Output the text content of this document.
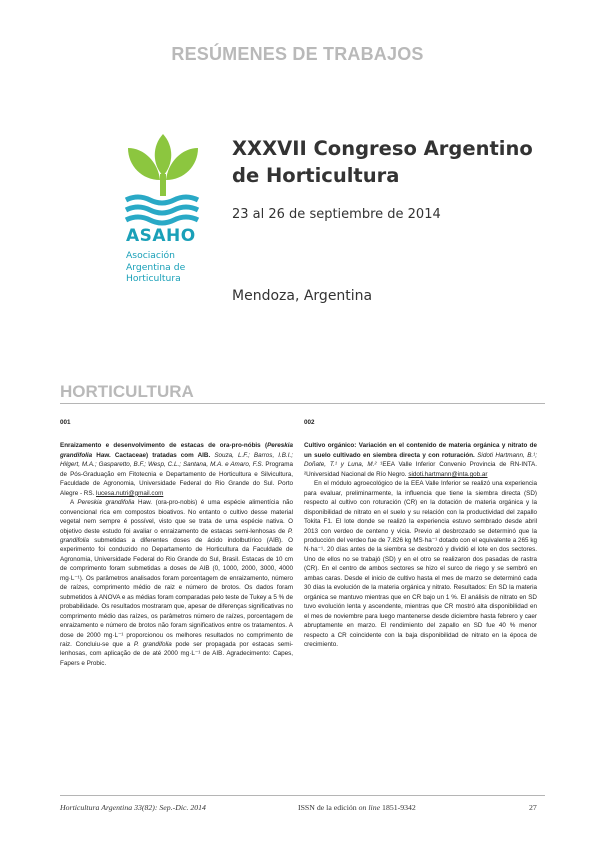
RESÚMENES DE TRABAJOS
ASAHO
Asociación
Argentina de
Horticultura
XXXVII Congreso Argentino
de Horticultura
23 al 26 de septiembre de 2014
Mendoza, Argentina
HORTICULTURA
001
Enraizamento e desenvolvimento de estacas de ora-pro-nóbis (Pereskia grandifolia Haw. Cactaceae) tratadas com AIB. Souza, L.F.; Barros, I.B.I.; Hilgert, M.A.; Gasparetto, B.F.; Wesp, C.L.; Santana, M.A. e Amaro, F.S. Programa de Pós-Graduação em Fitotecnia e Departamento de Horticultura e Silvicultura, Faculdade de Agronomia, Universidade Federal do Rio Grande do Sul. Porto Alegre - RS. lucesa.nutri@gmail.com

A Pereskia grandifolia Haw. (ora-pro-nobis) é uma espécie alimentícia não convencional rica em compostos bioativos. No entanto o cultivo desse material vegetal nem sempre é possível, visto que se trata de uma espécie nativa. O objetivo deste estudo foi avaliar o enraizamento de estacas semi-lenhosas de P. grandifolia submetidas a diferentes doses de ácido indolbutírico (AIB). O experimento foi conduzido no Departamento de Horticultura da Faculdade de Agronomia, Universidade Federal do Rio Grande do Sul, Brasil. Estacas de 10 cm de comprimento foram submetidas a doses de AIB (0, 1000, 2000, 3000, 4000 mg·L⁻¹). Os parâmetros analisados foram porcentagem de enraizamento, número de raízes, comprimento médio de raiz e número de brotos. Os dados foram submetidos à ANOVA e as médias foram comparadas pelo teste de Tukey a 5 % de probabilidade. Os resultados mostraram que, apesar de diferenças significativas no comprimento médio das raízes, os parâmetros número de raízes, porcentagem de enraizamento e número de brotos não foram significativos entre os tratamentos. A dose de 2000 mg·L⁻¹ proporcionou os melhores resultados no comprimento de raiz. Concluiu-se que a P. grandifolia pode ser propagada por estacas semi-lenhosas, com aplicação de de até 2000 mg·L⁻¹ de AIB. Agradecimento: Capes, Fapers e Probic.

002
Cultivo orgánico: Variación en el contenido de materia orgánica y nitrato de un suelo cultivado en siembra directa y con roturación. Sidoti Hartmann, B.¹; Doñate, T.¹ y Luna, M.² ¹EEA Valle Inferior Convenio Provincia de RN-INTA. ²Universidad Nacional de Río Negro. sidoti.hartmann@inta.gob.ar

En el módulo agroecológico de la EEA Valle Inferior se realizó una experiencia para evaluar, preliminarmente, la influencia que tiene la siembra directa (SD) respecto al cultivo con roturación (CR) en la dotación de materia orgánica y la disponibilidad de nitrato en el suelo y su relación con la productividad del zapallo Tokita F1. El lote donde se realizó la experiencia estuvo sembrado desde abril 2013 con verdeo de centeno y vicia. Previo al desbrozado se determinó que la producción del verdeo fue de 7.826 kg MS·ha⁻¹ dotado con el equivalente a 265 kg N·ha⁻¹. 20 días antes de la siembra se desbrozó y dividió el lote en dos sectores. Uno de ellos no se trabajó (SD) y en el otro se realizaron dos pasadas de rastra (CR). En el centro de ambos sectores se hizo el surco de riego y se sembró en ambas caras. Desde el inicio de cultivo hasta el mes de marzo se determinó cada 30 días la evolución de la materia orgánica y nitrato. Resultados: En SD la materia orgánica se mantuvo mientras que en CR bajo un 1 %. El análisis de nitrato en SD tuvo evolución lenta y ascendente, mientras que CR mostró alta disponibilidad en el mes de noviembre para luego mantenerse desde diciembre hasta febrero y caer abruptamente en marzo. El rendimiento del zapallo en SD fue 40 % menor respecto a CR coincidente con la baja disponibilidad de nitrato en la época de crecimiento.

Horticultura Argentina 33(82): Sep.-Dic. 2014	ISSN de la edición on line 1851-9342	27
